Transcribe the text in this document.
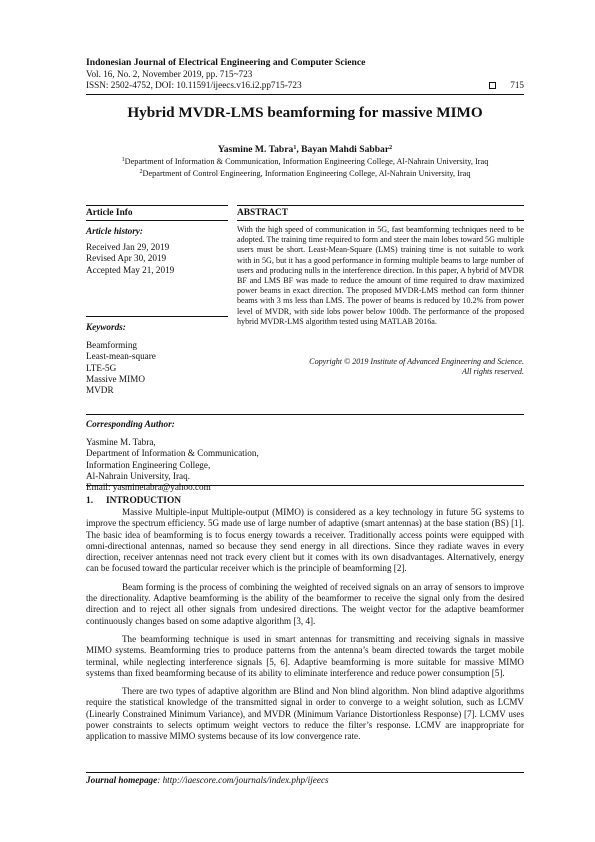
Indonesian Journal of Electrical Engineering and Computer Science
Vol. 16, No. 2, November 2019, pp. 715~723
ISSN: 2502-4752, DOI: 10.11591/ijeecs.v16.i2.pp715-723	715
Hybrid MVDR-LMS beamforming for massive MIMO
Yasmine M. Tabra$^1$, Bayan Mahdi Sabbar$^2$
$^1$Department of Information & Communication, Information Engineering College, Al-Nahrain University, Iraq
$^2$Department of Control Engineering, Information Engineering College, Al-Nahrain University, Iraq
Article Info	ABSTRACT
Article history:
Received Jan 29, 2019
Revised Apr 30, 2019
Accepted May 21, 2019
Keywords:
Beamforming
Least-mean-square
LTE-5G
Massive MIMO
MVDR
With the high speed of communication in 5G, fast beamforming techniques need to be adopted. The training time required to form and steer the main lobes toward 5G multiple users must be short. Least-Mean-Square (LMS) training time is not suitable to work with in 5G, but it has a good performance in forming multiple beams to large number of users and producing nulls in the interference direction. In this paper, A hybrid of MVDR BF and LMS BF was made to reduce the amount of time required to draw maximized power beams in exact direction. The proposed MVDR-LMS method can form thinner beams with 3 ms less than LMS. The power of beams is reduced by 10.2% from power level of MVDR, with side lobs power below 100db. The performance of the proposed hybrid MVDR-LMS algorithm tested using MATLAB 2016a.
Copyright © 2019 Institute of Advanced Engineering and Science.
All rights reserved.
Corresponding Author:
Yasmine M. Tabra,
Department of Information & Communication,
Information Engineering College,
Al-Nahrain University, Iraq.
Email: yasminetabra@yahoo.com
1. INTRODUCTION

Massive Multiple-input Multiple-output (MIMO) is considered as a key technology in future 5G systems to improve the spectrum efficiency. 5G made use of large number of adaptive (smart antennas) at the base station (BS) [1]. The basic idea of beamforming is to focus energy towards a receiver. Traditionally access points were equipped with omni-directional antennas, named so because they send energy in all directions. Since they radiate waves in every direction, receiver antennas need not track every client but it comes with its own disadvantages. Alternatively, energy can be focused toward the particular receiver which is the principle of beamforming [2].

Beam forming is the process of combining the weighted of received signals on an array of sensors to improve the directionality. Adaptive beamforming is the ability of the beamformer to receive the signal only from the desired direction and to reject all other signals from undesired directions. The weight vector for the adaptive beamformer continuously changes based on some adaptive algorithm [3, 4].

The beamforming technique is used in smart antennas for transmitting and receiving signals in massive MIMO systems. Beamforming tries to produce patterns from the antenna’s beam directed towards the target mobile terminal, while neglecting interference signals [5, 6]. Adaptive beamforming is more suitable for massive MIMO systems than fixed beamforming because of its ability to eliminate interference and reduce power consumption [5].

There are two types of adaptive algorithm are Blind and Non blind algorithm. Non blind adaptive algorithms require the statistical knowledge of the transmitted signal in order to converge to a weight solution, such as LCMV (Linearly Constrained Minimum Variance), and MVDR (Minimum Variance Distortionless Response) [7]. LCMV uses power constraints to selects optimum weight vectors to reduce the filter’s response. LCMV are inappropriate for application to massive MIMO systems because of its low convergence rate.

Journal homepage: http://iaescore.com/journals/index.php/ijeecs
